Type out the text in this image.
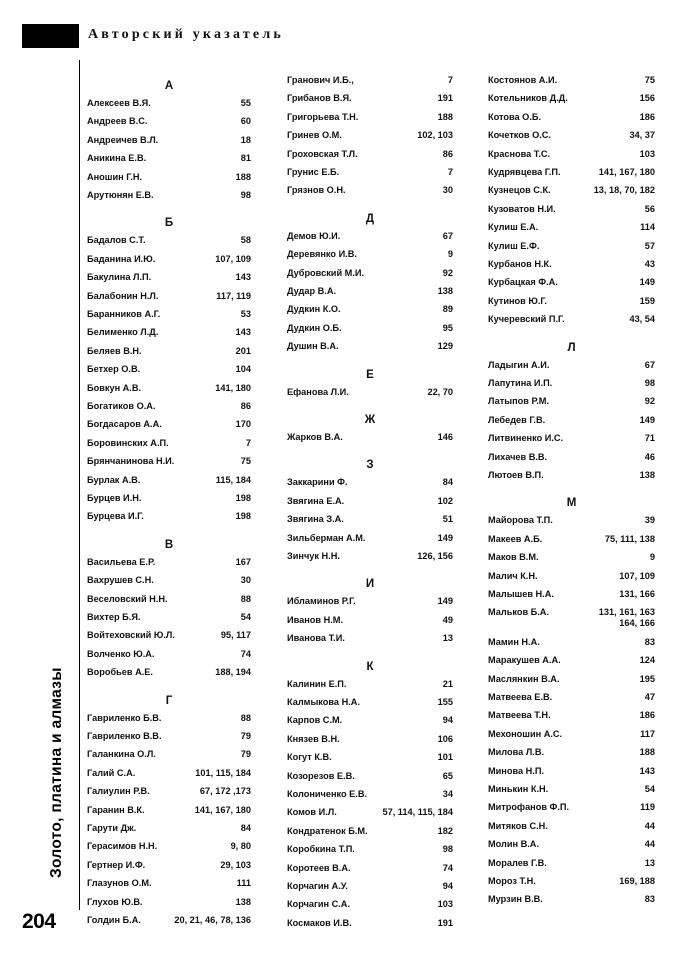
Авторский указатель
Золото, платина и алмазы
204
А
Алексеев В.Я.	55
Андреев В.С.	60
Андреичев В.Л.	18
Аникина Е.В.	81
Аношин Г.Н.	188
Арутюнян Е.В.	98
Б
Бадалов С.Т.	58
Баданина И.Ю.	107, 109
Бакулина Л.П.	143
Балабонин Н.Л.	117, 119
Баранников А.Г.	53
Белименко Л.Д.	143
Беляев В.Н.	201
Бетхер О.В.	104
Бовкун А.В.	141, 180
Богатиков О.А.	86
Богдасаров А.А.	170
Боровинских А.П.	7
Брянчанинова Н.И.	75
Бурлак А.В.	115, 184
Бурцев И.Н.	198
Бурцева И.Г.	198
В
Васильева Е.Р.	167
Вахрушев С.Н.	30
Веселовский Н.Н.	88
Вихтер Б.Я.	54
Войтеховский Ю.Л.	95, 117
Волченко Ю.А.	74
Воробьев А.Е.	188, 194
Г
Гавриленко Б.В.	88
Гавриленко В.В.	79
Галанкина О.Л.	79
Галий С.А.	101, 115, 184
Галиулин Р.В.	67, 172 ,173
Гаранин В.К.	141, 167, 180
Гарути Дж.	84
Герасимов Н.Н.	9, 80
Гертнер И.Ф.	29, 103
Глазунов О.М.	111
Глухов Ю.В.	138
Голдин Б.А.	20, 21, 46, 78, 136
Гранович И.Б.,	7
Грибанов В.Я.	191
Григорьева Т.Н.	188
Гринев О.М.	102, 103
Гроховская Т.Л.	86
Грунис Е.Б.	7
Грязнов О.Н.	30
Д
Демов Ю.И.	67
Деревянко И.В.	9
Дубровский М.И.	92
Дудар В.А.	138
Дудкин К.О.	89
Дудкин О.Б.	95
Душин В.А.	129
Е
Ефанова Л.И.	22, 70
Ж
Жарков В.А.	146
З
Заккарини Ф.	84
Звягина Е.А.	102
Звягина З.А.	51
Зильберман А.М.	149
Зинчук Н.Н.	126, 156
И
Ибламинов Р.Г.	149
Иванов Н.М.	49
Иванова Т.И.	13
К
Калинин Е.П.	21
Калмыкова Н.А.	155
Карпов С.М.	94
Князев В.Н.	106
Когут К.В.	101
Козорезов Е.В.	65
Колониченко Е.В.	34
Комов И.Л.	57, 114, 115, 184
Кондратенок Б.М.	182
Коробкина Т.П.	98
Коротеев В.А.	74
Корчагин А.У.	94
Корчагин С.А.	103
Космаков И.В.	191
Костоянов А.И.	75
Котельников Д.Д.	156
Котова О.Б.	186
Кочетков О.С.	34, 37
Краснова Т.С.	103
Кудрявцева Г.П.	141, 167, 180
Кузнецов С.К.	13, 18, 70, 182
Кузоватов Н.И.	56
Кулиш Е.А.	114
Кулиш Е.Ф.	57
Курбанов Н.К.	43
Курбацкая Ф.А.	149
Кутинов Ю.Г.	159
Кучеревский П.Г.	43, 54
Л
Ладыгин А.И.	67
Лапутина И.П.	98
Латыпов Р.М.	92
Лебедев Г.В.	149
Литвиненко И.С.	71
Лихачев В.В.	46
Лютоев В.П.	138
М
Майорова Т.П.	39
Макеев А.Б.	75, 111, 138
Маков В.М.	9
Малич К.Н.	107, 109
Малышев Н.А.	131, 166
Мальков Б.А.	131, 161, 163
164, 166
Мамин Н.А.	83
Маракушев А.А.	124
Маслянкин В.А.	195
Матвеева Е.В.	47
Матвеева Т.Н.	186
Мехоношин А.С.	117
Милова Л.В.	188
Минова Н.П.	143
Минькин К.Н.	54
Митрофанов Ф.П.	119
Митяков С.Н.	44
Молин В.А.	44
Моралев Г.В.	13
Мороз Т.Н.	169, 188
Мурзин В.В.	83
